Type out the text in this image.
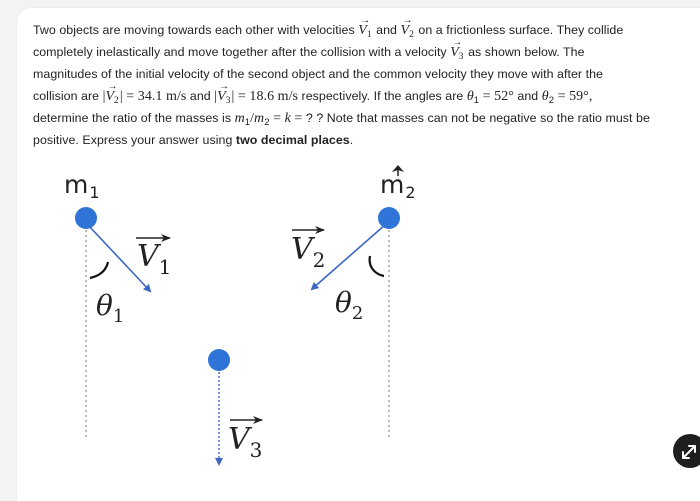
Two objects are moving towards each other with velocities → $V_1$ and → $V_2$ on a frictionless surface. They collide
completely inelastically and move together after the collision with a velocity → $V_3$ as shown below. The
magnitudes of the initial velocity of the second object and the common velocity they move with after the
collision are |→ $V_2| = 34.1$ m/s and |→ $V_3| = 18.6$ m/s respectively. If the angles are $\theta_1 = 52^\circ$ and $\theta_2 = 59^\circ$,
determine the ratio of the masses is $m_1/m_2 = k$ = ? ? Note that masses can not be negative so the ratio must be
positive. Express your answer using two decimal places.
$m_1$	$m_2$
$V_1$
$\theta_1$
$V_2$
$\theta_2$
$V_3$
